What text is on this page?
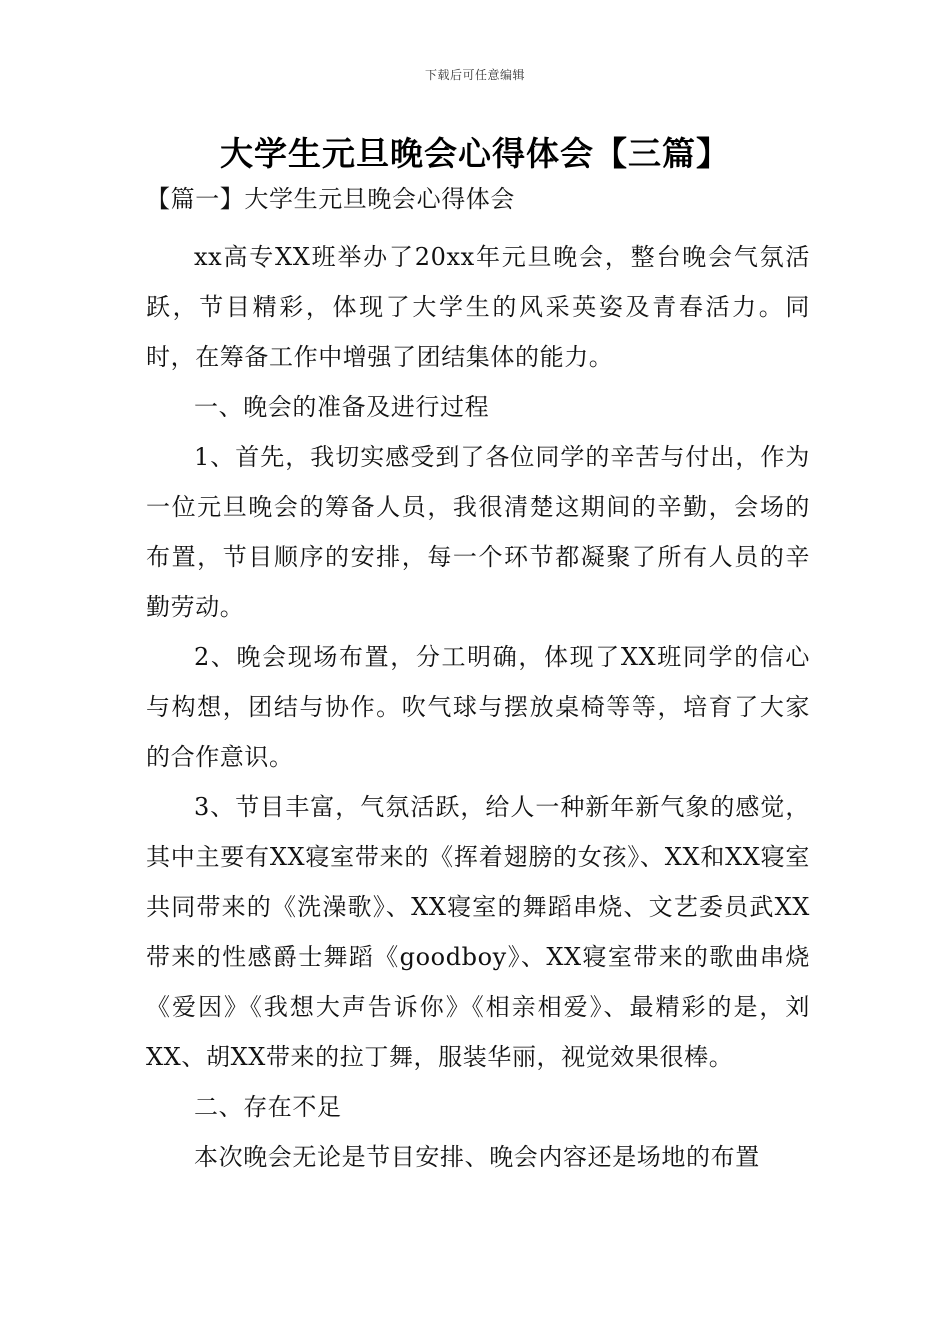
下载后可任意编辑
大学生元旦晚会心得体会【三篇】

【篇一】大学生元旦晚会心得体会

xx高专XX班举办了20xx年元旦晚会，整台晚会气氛活跃，节目精彩，体现了大学生的风采英姿及青春活力。同时，在筹备工作中增强了团结集体的能力。

一、晚会的准备及进行过程

1、首先，我切实感受到了各位同学的辛苦与付出，作为一位元旦晚会的筹备人员，我很清楚这期间的辛勤，会场的布置，节目顺序的安排，每一个环节都凝聚了所有人员的辛勤劳动。

2、晚会现场布置，分工明确，体现了XX班同学的信心与构想，团结与协作。吹气球与摆放桌椅等等，培育了大家的合作意识。

3、节目丰富，气氛活跃，给人一种新年新气象的感觉，其中主要有XX寝室带来的《挥着翅膀的女孩》、XX和XX寝室共同带来的《洗澡歌》、XX寝室的舞蹈串烧、文艺委员武XX带来的性感爵士舞蹈《goodboy》、XX寝室带来的歌曲串烧《爱因》《我想大声告诉你》《相亲相爱》、最精彩的是，刘XX、胡XX带来的拉丁舞，服装华丽，视觉效果很棒。

二、存在不足

本次晚会无论是节目安排、晚会内容还是场地的布置
